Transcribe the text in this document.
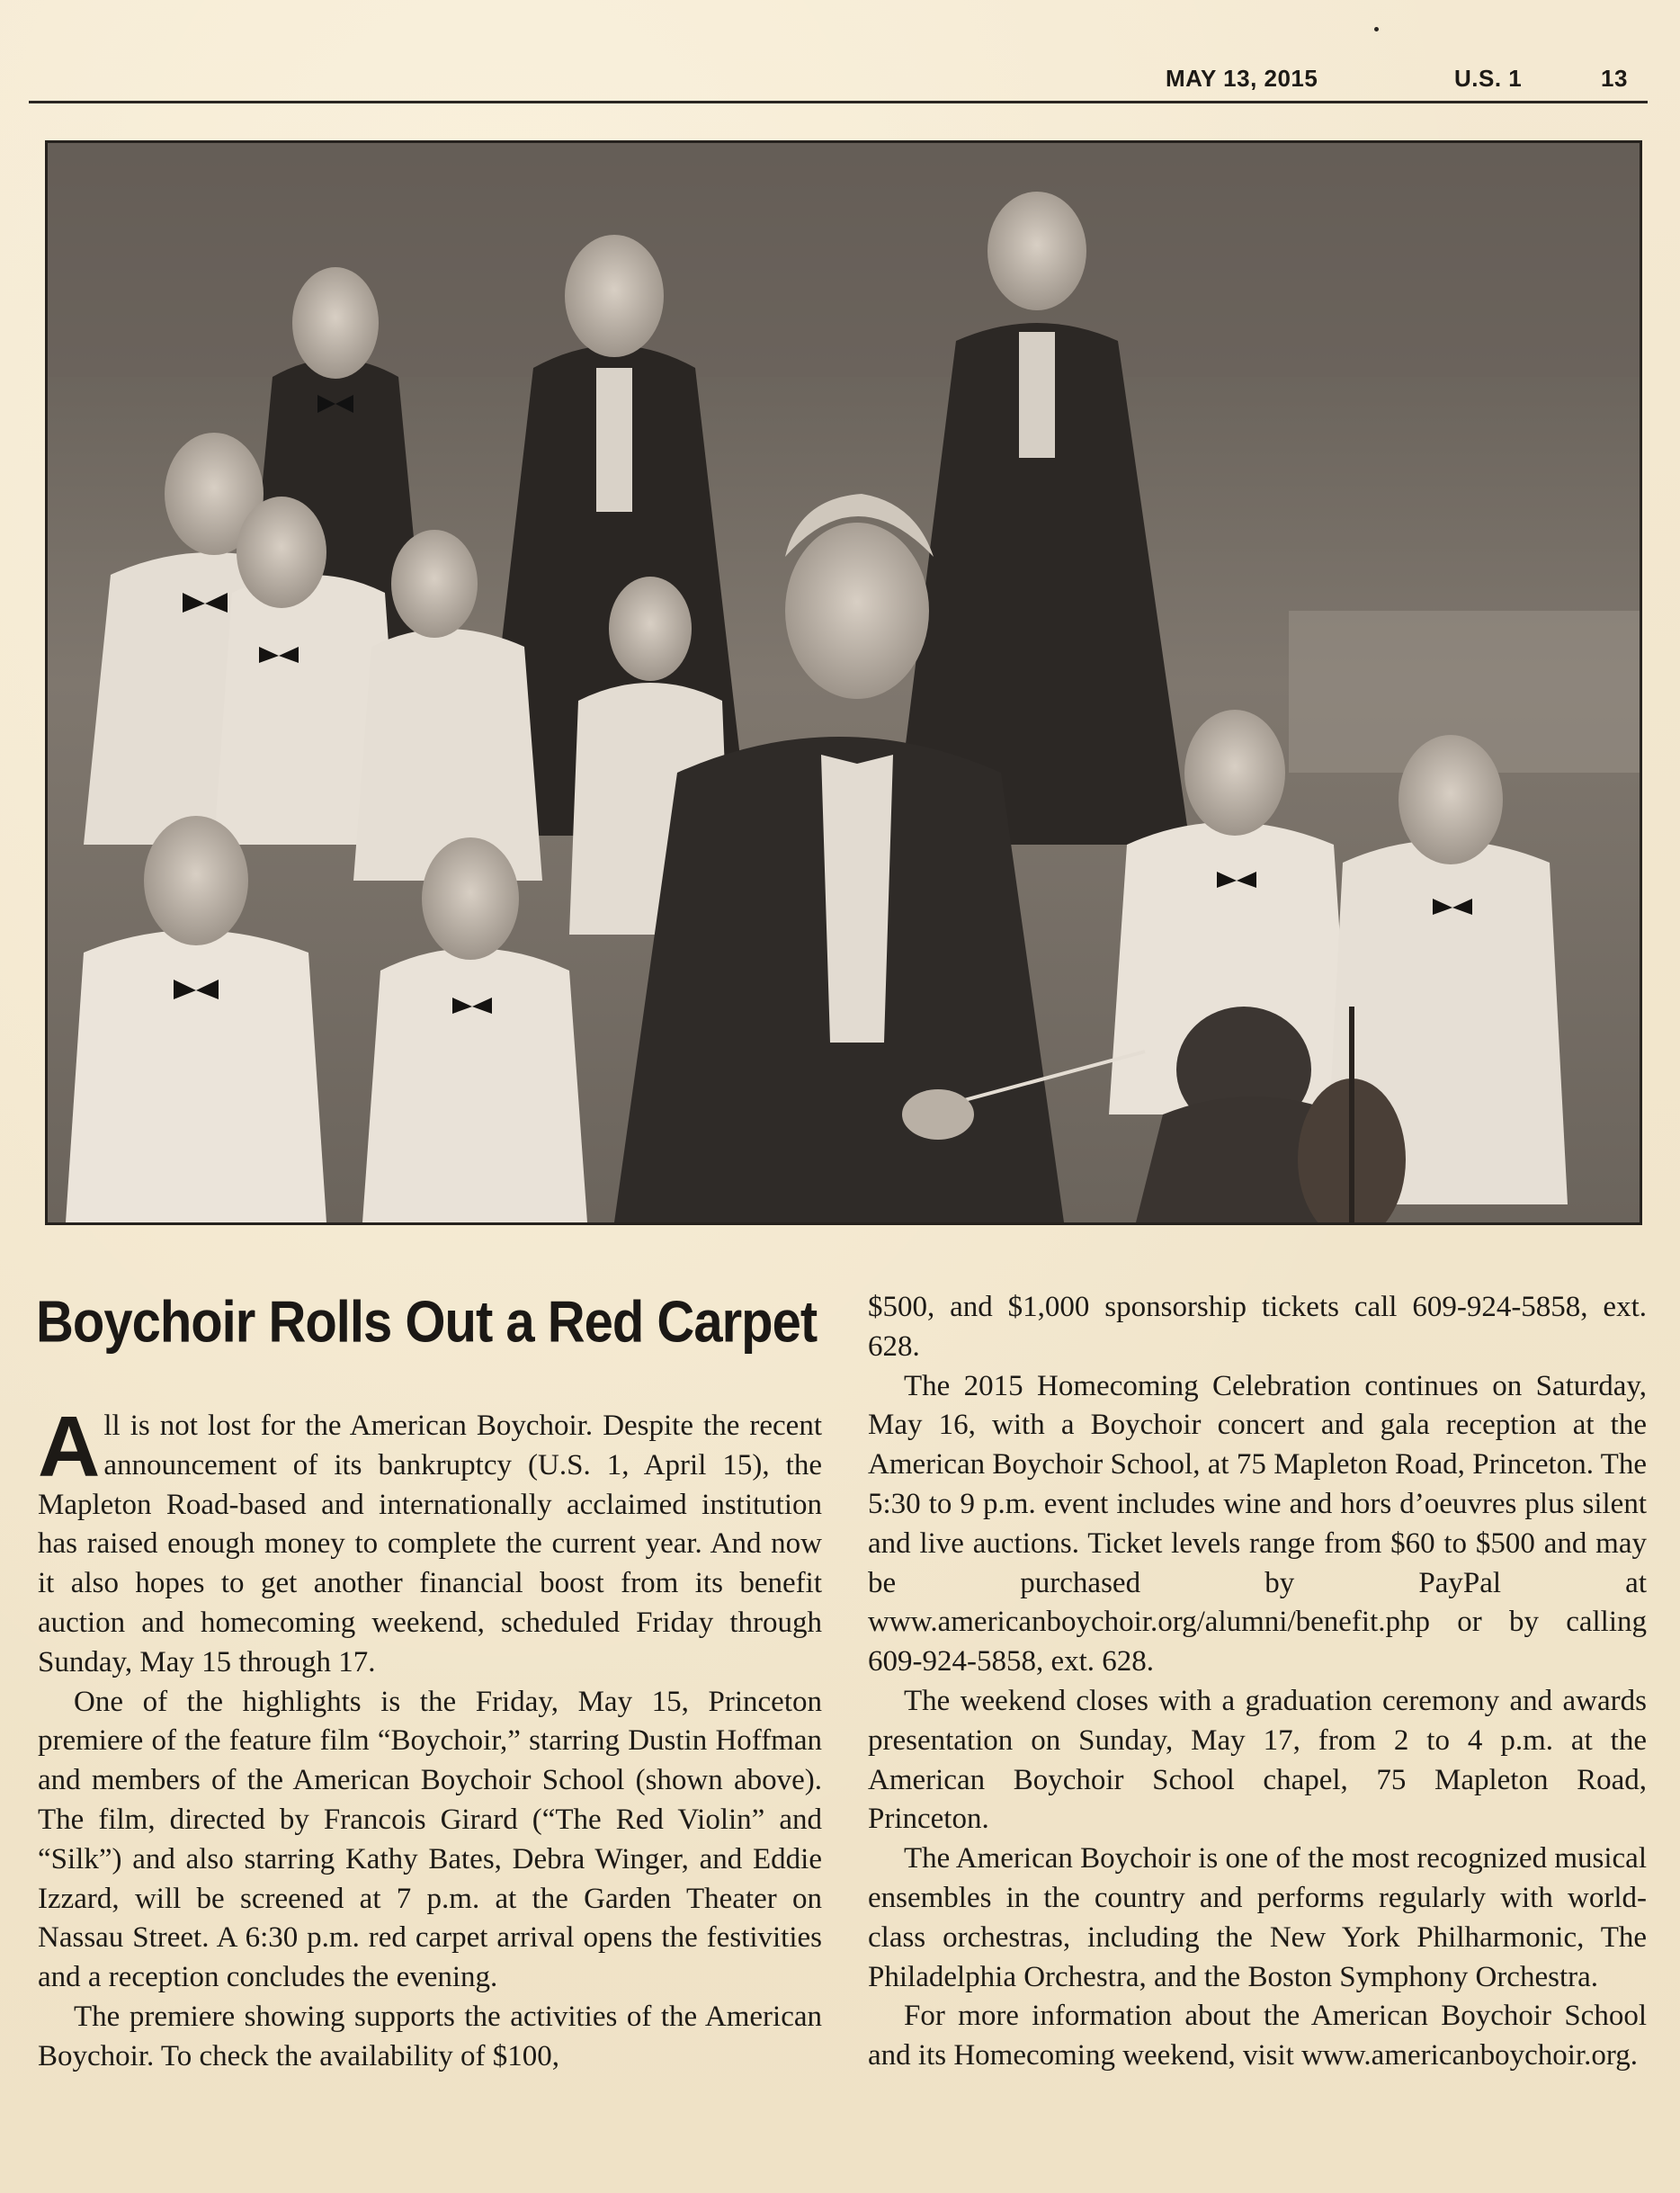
MAY 13, 2015	U.S. 1	13
Boychoir Rolls Out a Red Carpet

All is not lost for the American Boychoir. Despite the recent announcement of its bankruptcy (U.S. 1, April 15), the Mapleton Road-based and internationally acclaimed institution has raised enough money to complete the current year. And now it also hopes to get another financial boost from its benefit auction and homecoming weekend, scheduled Friday through Sunday, May 15 through 17.

One of the highlights is the Friday, May 15, Princeton premiere of the feature film “Boychoir,” starring Dustin Hoffman and members of the American Boychoir School (shown above). The film, directed by Francois Girard (“The Red Violin” and “Silk”) and also starring Kathy Bates, Debra Winger, and Eddie Izzard, will be screened at 7 p.m. at the Garden Theater on Nassau Street. A 6:30 p.m. red carpet arrival opens the festivities and a reception concludes the evening.

The premiere showing supports the activities of the American Boychoir. To check the availability of $100,

$500, and $1,000 sponsorship tickets call 609-924-5858, ext. 628.

The 2015 Homecoming Celebration continues on Saturday, May 16, with a Boychoir concert and gala reception at the American Boychoir School, at 75 Mapleton Road, Princeton. The 5:30 to 9 p.m. event includes wine and hors d’oeuvres plus silent and live auctions. Ticket levels range from $60 to $500 and may be purchased by PayPal at www.americanboychoir.org/alumni/benefit.php or by calling 609-924-5858, ext. 628.

The weekend closes with a graduation ceremony and awards presentation on Sunday, May 17, from 2 to 4 p.m. at the American Boychoir School chapel, 75 Mapleton Road, Princeton.

The American Boychoir is one of the most recognized musical ensembles in the country and performs regularly with world-class orchestras, including the New York Philharmonic, The Philadelphia Orchestra, and the Boston Symphony Orchestra.

For more information about the American Boychoir School and its Homecoming weekend, visit www.americanboychoir.org.
